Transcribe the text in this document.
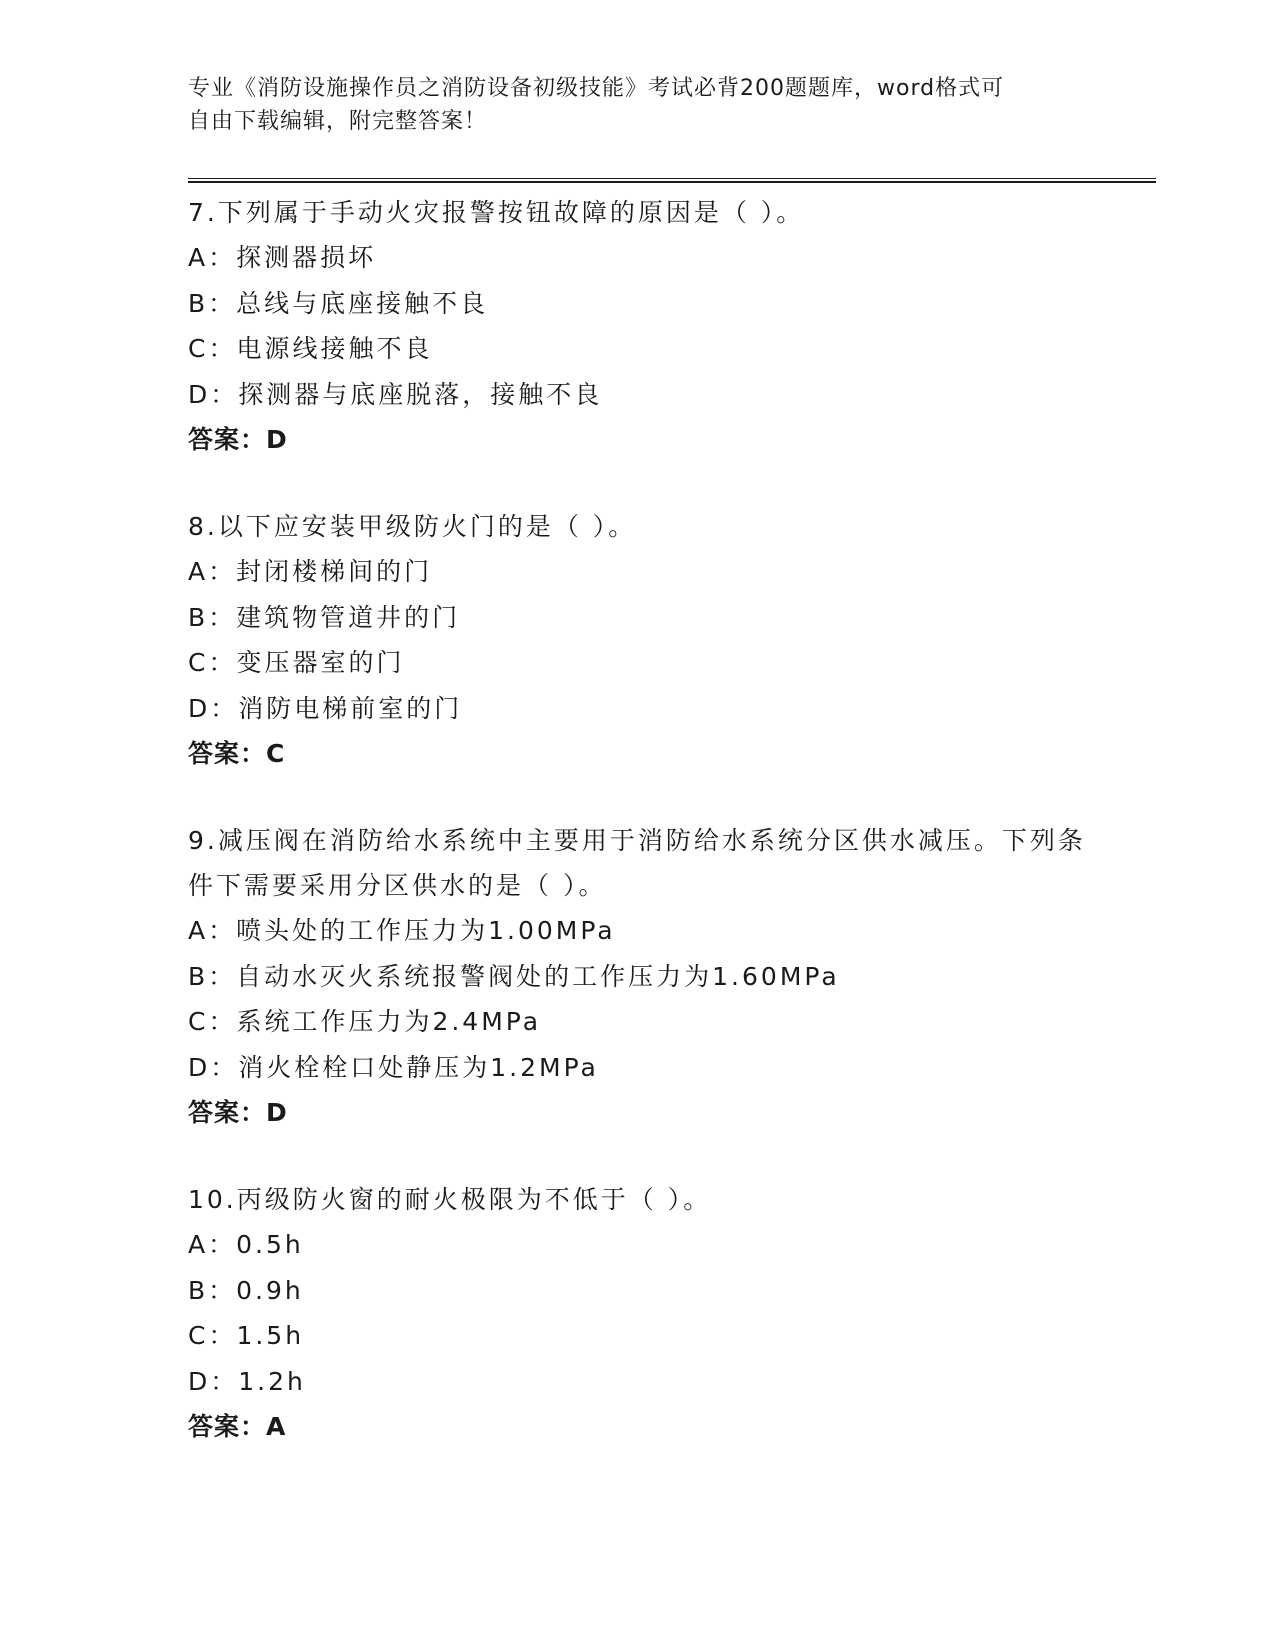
专业《消防设施操作员之消防设备初级技能》考试必背200题题库，word格式可
自由下载编辑，附完整答案！
7.下列属于手动火灾报警按钮故障的原因是（ ）。
A：探测器损坏
B：总线与底座接触不良
C：电源线接触不良
D：探测器与底座脱落，接触不良
答案：D
8.以下应安装甲级防火门的是（ ）。
A：封闭楼梯间的门
B：建筑物管道井的门
C：变压器室的门
D：消防电梯前室的门
答案：C
9.减压阀在消防给水系统中主要用于消防给水系统分区供水减压。下列条件下需要采用分区供水的是（ ）。
A：喷头处的工作压力为1.00MPa
B：自动水灭火系统报警阀处的工作压力为1.60MPa
C：系统工作压力为2.4MPa
D：消火栓栓口处静压为1.2MPa
答案：D
10.丙级防火窗的耐火极限为不低于（ ）。
A：0.5h
B：0.9h
C：1.5h
D：1.2h
答案：A
